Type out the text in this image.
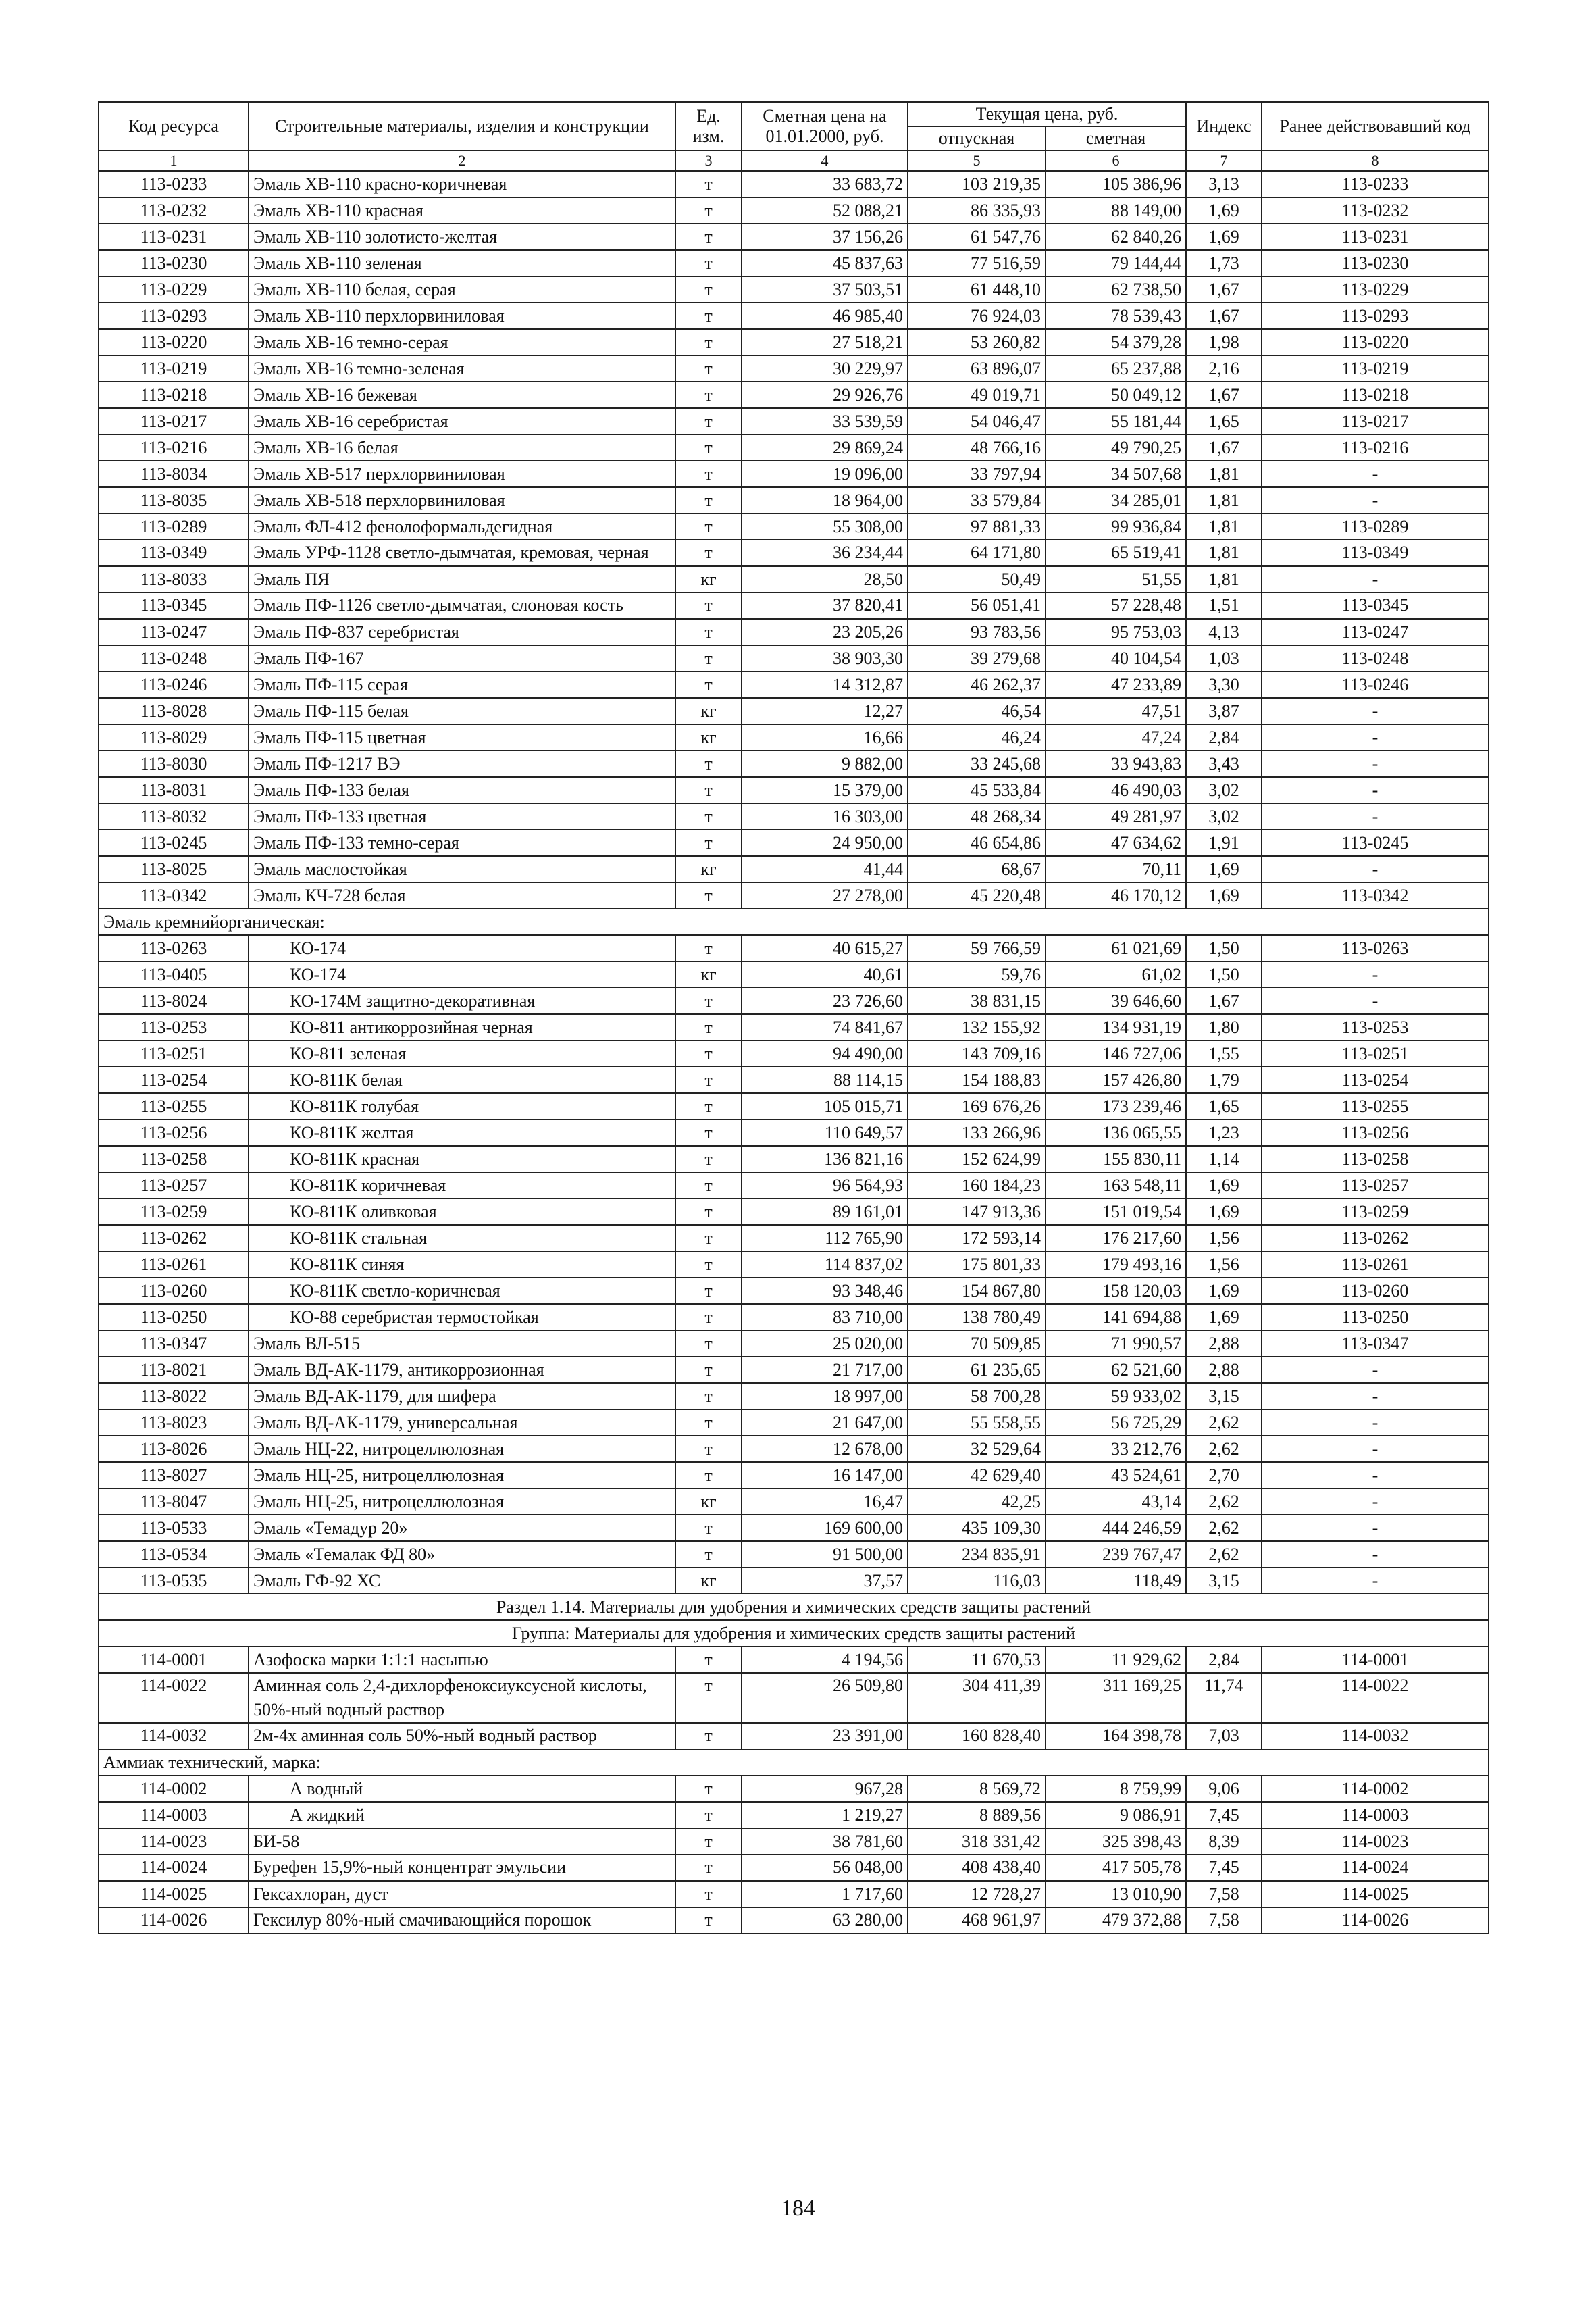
Код ресурса	Строительные материалы, изделия и конструкции	Ед. изм.	Сметная цена на 01.01.2000, руб.	Текущая цена, руб.		Индекс	Ранее действовавший код
				отпускная	сметная		
1	2	3	4	5	6	7	8
113-0233	Эмаль ХВ-110 красно-коричневая	т	33 683,72	103 219,35	105 386,96	3,13	113-0233
113-0232	Эмаль ХВ-110 красная	т	52 088,21	86 335,93	88 149,00	1,69	113-0232
113-0231	Эмаль ХВ-110 золотисто-желтая	т	37 156,26	61 547,76	62 840,26	1,69	113-0231
113-0230	Эмаль ХВ-110 зеленая	т	45 837,63	77 516,59	79 144,44	1,73	113-0230
113-0229	Эмаль ХВ-110 белая, серая	т	37 503,51	61 448,10	62 738,50	1,67	113-0229
113-0293	Эмаль ХВ-110 перхлорвиниловая	т	46 985,40	76 924,03	78 539,43	1,67	113-0293
113-0220	Эмаль ХВ-16 темно-серая	т	27 518,21	53 260,82	54 379,28	1,98	113-0220
113-0219	Эмаль ХВ-16 темно-зеленая	т	30 229,97	63 896,07	65 237,88	2,16	113-0219
113-0218	Эмаль ХВ-16 бежевая	т	29 926,76	49 019,71	50 049,12	1,67	113-0218
113-0217	Эмаль ХВ-16 серебристая	т	33 539,59	54 046,47	55 181,44	1,65	113-0217
113-0216	Эмаль ХВ-16 белая	т	29 869,24	48 766,16	49 790,25	1,67	113-0216
113-8034	Эмаль ХВ-517 перхлорвиниловая	т	19 096,00	33 797,94	34 507,68	1,81	-
113-8035	Эмаль ХВ-518 перхлорвиниловая	т	18 964,00	33 579,84	34 285,01	1,81	-
113-0289	Эмаль ФЛ-412 фенолоформальдегидная	т	55 308,00	97 881,33	99 936,84	1,81	113-0289
113-0349	Эмаль УРФ-1128 светло-дымчатая, кремовая, черная	т	36 234,44	64 171,80	65 519,41	1,81	113-0349
113-8033	Эмаль ПЯ	кг	28,50	50,49	51,55	1,81	-
113-0345	Эмаль ПФ-1126 светло-дымчатая, слоновая кость	т	37 820,41	56 051,41	57 228,48	1,51	113-0345
113-0247	Эмаль ПФ-837 серебристая	т	23 205,26	93 783,56	95 753,03	4,13	113-0247
113-0248	Эмаль ПФ-167	т	38 903,30	39 279,68	40 104,54	1,03	113-0248
113-0246	Эмаль ПФ-115 серая	т	14 312,87	46 262,37	47 233,89	3,30	113-0246
113-8028	Эмаль ПФ-115 белая	кг	12,27	46,54	47,51	3,87	-
113-8029	Эмаль ПФ-115 цветная	кг	16,66	46,24	47,24	2,84	-
113-8030	Эмаль ПФ-1217 ВЭ	т	9 882,00	33 245,68	33 943,83	3,43	-
113-8031	Эмаль ПФ-133 белая	т	15 379,00	45 533,84	46 490,03	3,02	-
113-8032	Эмаль ПФ-133 цветная	т	16 303,00	48 268,34	49 281,97	3,02	-
113-0245	Эмаль ПФ-133 темно-серая	т	24 950,00	46 654,86	47 634,62	1,91	113-0245
113-8025	Эмаль маслостойкая	кг	41,44	68,67	70,11	1,69	-
113-0342	Эмаль КЧ-728 белая	т	27 278,00	45 220,48	46 170,12	1,69	113-0342
Эмаль кремнийорганическая:							
113-0263	КО-174	т	40 615,27	59 766,59	61 021,69	1,50	113-0263
113-0405	КО-174	кг	40,61	59,76	61,02	1,50	-
113-8024	КО-174М защитно-декоративная	т	23 726,60	38 831,15	39 646,60	1,67	-
113-0253	КО-811 антикоррозийная черная	т	74 841,67	132 155,92	134 931,19	1,80	113-0253
113-0251	КО-811 зеленая	т	94 490,00	143 709,16	146 727,06	1,55	113-0251
113-0254	КО-811К белая	т	88 114,15	154 188,83	157 426,80	1,79	113-0254
113-0255	КО-811К голубая	т	105 015,71	169 676,26	173 239,46	1,65	113-0255
113-0256	КО-811К желтая	т	110 649,57	133 266,96	136 065,55	1,23	113-0256
113-0258	КО-811К красная	т	136 821,16	152 624,99	155 830,11	1,14	113-0258
113-0257	КО-811К коричневая	т	96 564,93	160 184,23	163 548,11	1,69	113-0257
113-0259	КО-811К оливковая	т	89 161,01	147 913,36	151 019,54	1,69	113-0259
113-0262	КО-811К стальная	т	112 765,90	172 593,14	176 217,60	1,56	113-0262
113-0261	КО-811К синяя	т	114 837,02	175 801,33	179 493,16	1,56	113-0261
113-0260	КО-811К светло-коричневая	т	93 348,46	154 867,80	158 120,03	1,69	113-0260
113-0250	КО-88 серебристая термостойкая	т	83 710,00	138 780,49	141 694,88	1,69	113-0250
113-0347	Эмаль ВЛ-515	т	25 020,00	70 509,85	71 990,57	2,88	113-0347
113-8021	Эмаль ВД-АК-1179, антикоррозионная	т	21 717,00	61 235,65	62 521,60	2,88	-
113-8022	Эмаль ВД-АК-1179, для шифера	т	18 997,00	58 700,28	59 933,02	3,15	-
113-8023	Эмаль ВД-АК-1179, универсальная	т	21 647,00	55 558,55	56 725,29	2,62	-
113-8026	Эмаль НЦ-22, нитроцеллюлозная	т	12 678,00	32 529,64	33 212,76	2,62	-
113-8027	Эмаль НЦ-25, нитроцеллюлозная	т	16 147,00	42 629,40	43 524,61	2,70	-
113-8047	Эмаль НЦ-25, нитроцеллюлозная	кг	16,47	42,25	43,14	2,62	-
113-0533	Эмаль «Темадур 20»	т	169 600,00	435 109,30	444 246,59	2,62	-
113-0534	Эмаль «Темалак ФД 80»	т	91 500,00	234 835,91	239 767,47	2,62	-
113-0535	Эмаль ГФ-92 ХС	кг	37,57	116,03	118,49	3,15	-
Раздел 1.14. Материалы для удобрения и химических средств защиты растений							
Группа: Материалы для удобрения и химических средств защиты растений							
114-0001	Азофоска марки 1:1:1 насыпью	т	4 194,56	11 670,53	11 929,62	2,84	114-0001
114-0022	Аминная соль 2,4-дихлорфеноксиуксусной кислоты, 50%-ный водный раствор	т	26 509,80	304 411,39	311 169,25	11,74	114-0022
114-0032	2м-4х аминная соль 50%-ный водный раствор	т	23 391,00	160 828,40	164 398,78	7,03	114-0032
Аммиак технический, марка:							
114-0002	А водный	т	967,28	8 569,72	8 759,99	9,06	114-0002
114-0003	А жидкий	т	1 219,27	8 889,56	9 086,91	7,45	114-0003
114-0023	БИ-58	т	38 781,60	318 331,42	325 398,43	8,39	114-0023
114-0024	Бурефен 15,9%-ный концентрат эмульсии	т	56 048,00	408 438,40	417 505,78	7,45	114-0024
114-0025	Гексахлоран, дуст	т	1 717,60	12 728,27	13 010,90	7,58	114-0025
114-0026	Гексилур 80%-ный смачивающийся порошок	т	63 280,00	468 961,97	479 372,88	7,58	114-0026
184
